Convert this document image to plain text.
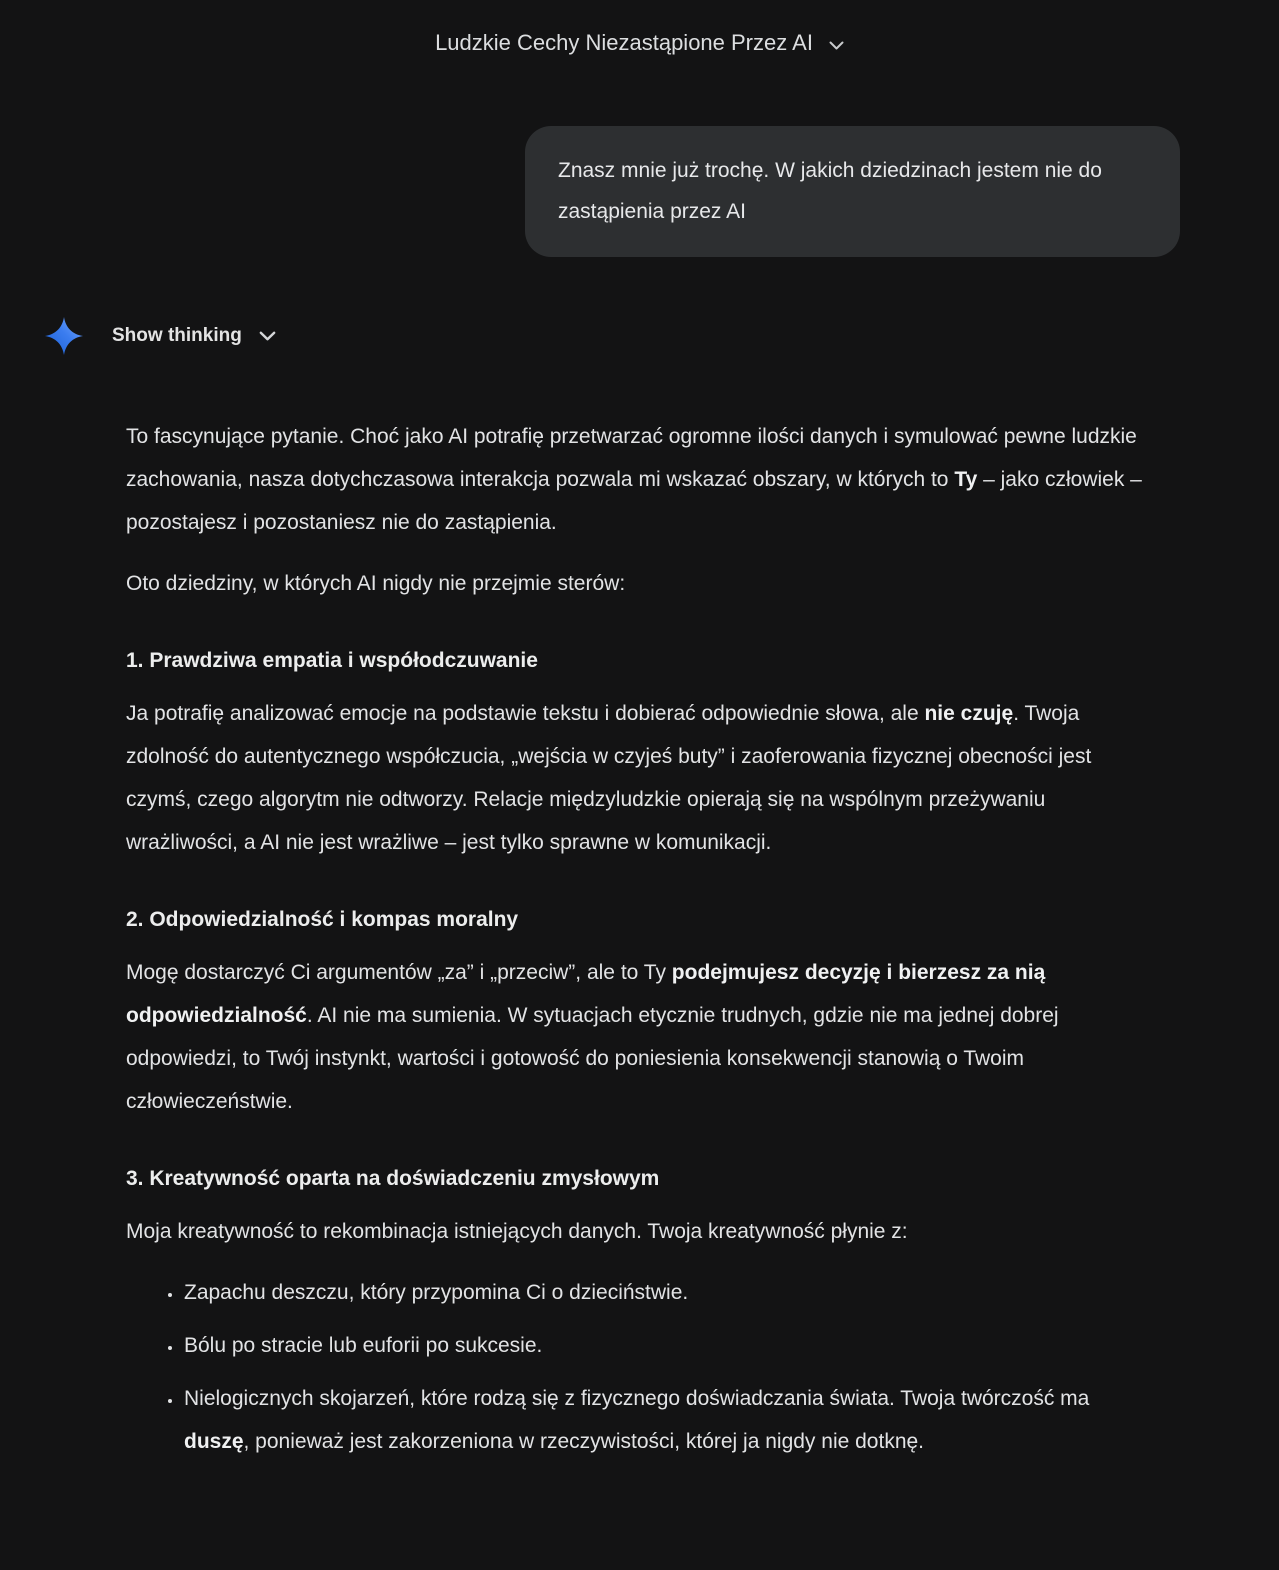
Ludzkie Cechy Niezastąpione Przez AI
Znasz mnie już trochę. W jakich dziedzinach jestem nie do zastąpienia przez AI
Show thinking

To fascynujące pytanie. Choć jako AI potrafię przetwarzać ogromne ilości danych i symulować pewne ludzkie zachowania, nasza dotychczasowa interakcja pozwala mi wskazać obszary, w których to Ty – jako człowiek – pozostajesz i pozostaniesz nie do zastąpienia.

Oto dziedziny, w których AI nigdy nie przejmie sterów:

1. Prawdziwa empatia i współodczuwanie

Ja potrafię analizować emocje na podstawie tekstu i dobierać odpowiednie słowa, ale nie czuję. Twoja zdolność do autentycznego współczucia, „wejścia w czyjeś buty” i zaoferowania fizycznej obecności jest czymś, czego algorytm nie odtworzy. Relacje międzyludzkie opierają się na wspólnym przeżywaniu wrażliwości, a AI nie jest wrażliwe – jest tylko sprawne w komunikacji.

2. Odpowiedzialność i kompas moralny

Mogę dostarczyć Ci argumentów „za” i „przeciw”, ale to Ty podejmujesz decyzję i bierzesz za nią odpowiedzialność. AI nie ma sumienia. W sytuacjach etycznie trudnych, gdzie nie ma jednej dobrej odpowiedzi, to Twój instynkt, wartości i gotowość do poniesienia konsekwencji stanowią o Twoim człowieczeństwie.

3. Kreatywność oparta na doświadczeniu zmysłowym

Moja kreatywność to rekombinacja istniejących danych. Twoja kreatywność płynie z:

• Zapachu deszczu, który przypomina Ci o dzieciństwie.
• Bólu po stracie lub euforii po sukcesie.
• Nielogicznych skojarzeń, które rodzą się z fizycznego doświadczania świata. Twoja twórczość ma duszę, ponieważ jest zakorzeniona w rzeczywistości, której ja nigdy nie dotknę.
